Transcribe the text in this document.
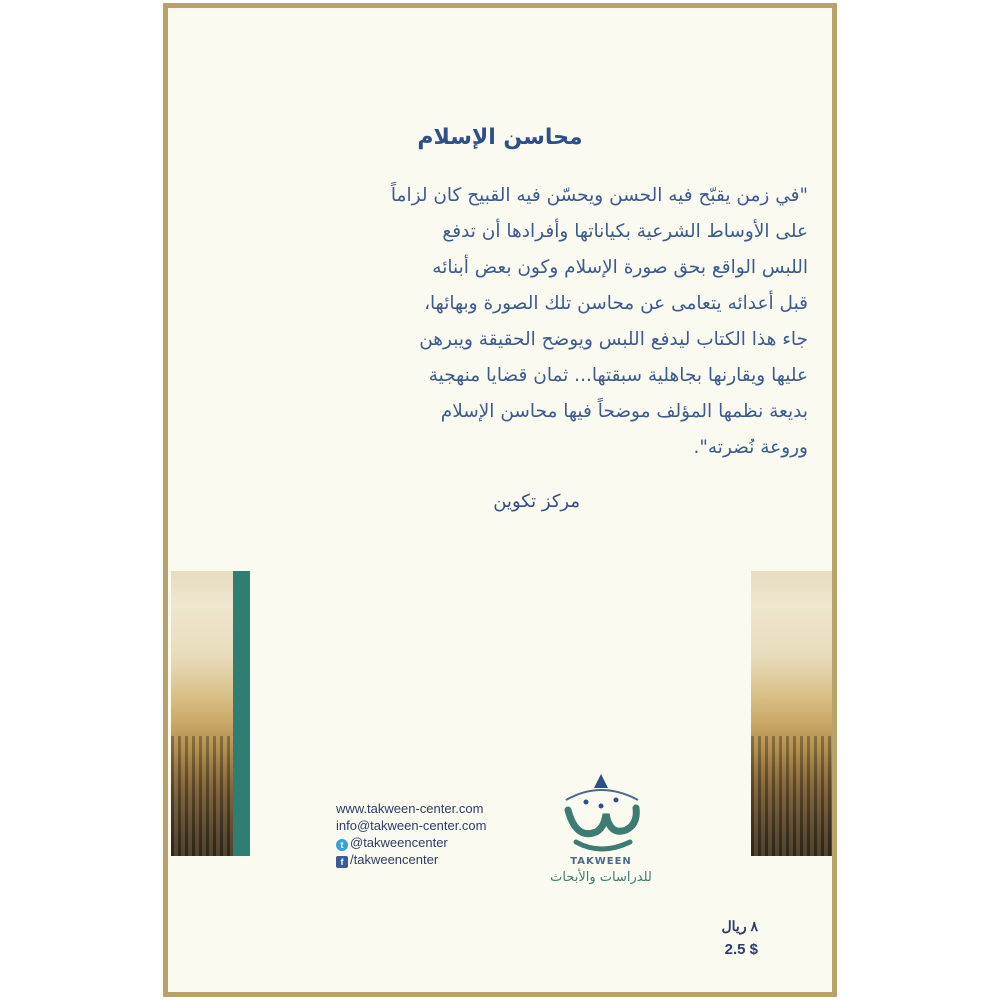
محاسن الإسلام
"في زمن يقبّح فيه الحسن ويحسّن فيه القبيح كان لزاماً
على الأوساط الشرعية بكياناتها وأفرادها أن تدفع
اللبس الواقع بحق صورة الإسلام وكون بعض أبنائه
قبل أعدائه يتعامى عن محاسن تلك الصورة وبهائها،
جاء هذا الكتاب ليدفع اللبس ويوضح الحقيقة ويبرهن
عليها ويقارنها بجاهلية سبقتها... ثمان قضايا منهجية
بديعة نظمها المؤلف موضحاً فيها محاسن الإسلام
وروعة نُضرته".
مركز تكوين
www.takween-center.com
info@takween-center.com
t @takweencenter
f /takweencenter	TAKWEEN
للدراسات والأبحاث
٨ ريال
2.5 $
